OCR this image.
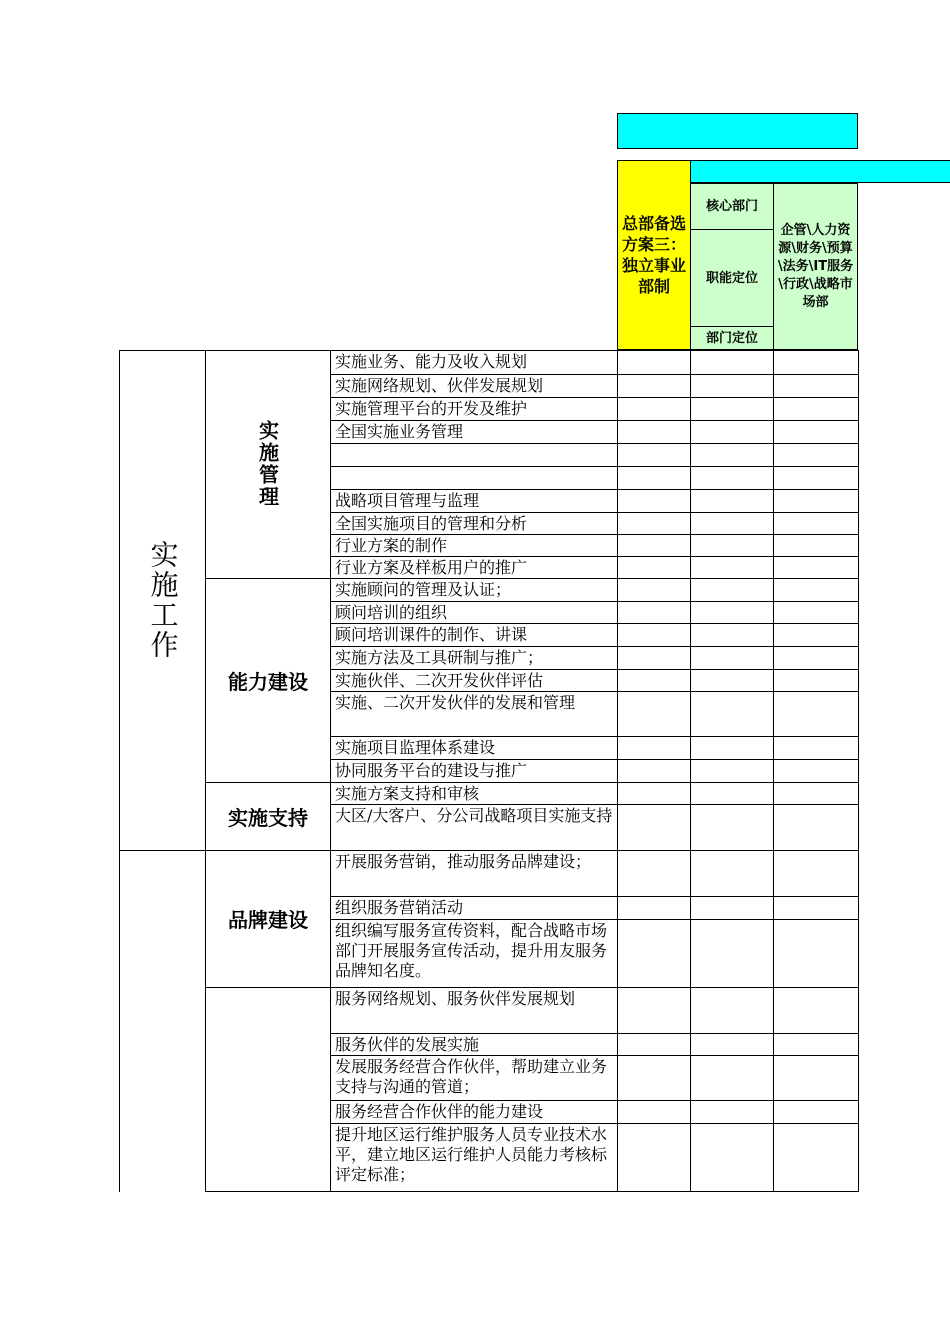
总部备选方案三：独立事业部制
核心部门
职能定位
部门定位
企管\人力资源\财务\预算\法务\IT服务\行政\战略市场部
实施业务、能力及收入规划
实施网络规划、伙伴发展规划
实施管理平台的开发及维护
全国实施业务管理
战略项目管理与监理
全国实施项目的管理和分析
行业方案的制作
行业方案及样板用户的推广
实施管理
实施顾问的管理及认证；
顾问培训的组织
顾问培训课件的制作、讲课
实施方法及工具研制与推广；
实施伙伴、二次开发伙伴评估
实施、二次开发伙伴的发展和管理
实施项目监理体系建设
协同服务平台的建设与推广
能力建设
实施方案支持和审核
大区/大客户、分公司战略项目实施支持
实施支持
实施工作
开展服务营销，推动服务品牌建设；
组织服务营销活动
组织编写服务宣传资料，配合战略市场部门开展服务宣传活动，提升用友服务品牌知名度。
品牌建设
服务网络规划、服务伙伴发展规划
服务伙伴的发展实施
发展服务经营合作伙伴，帮助建立业务支持与沟通的管道；
服务经营合作伙伴的能力建设
提升地区运行维护服务人员专业技术水平，建立地区运行维护人员能力考核标评定标准；
